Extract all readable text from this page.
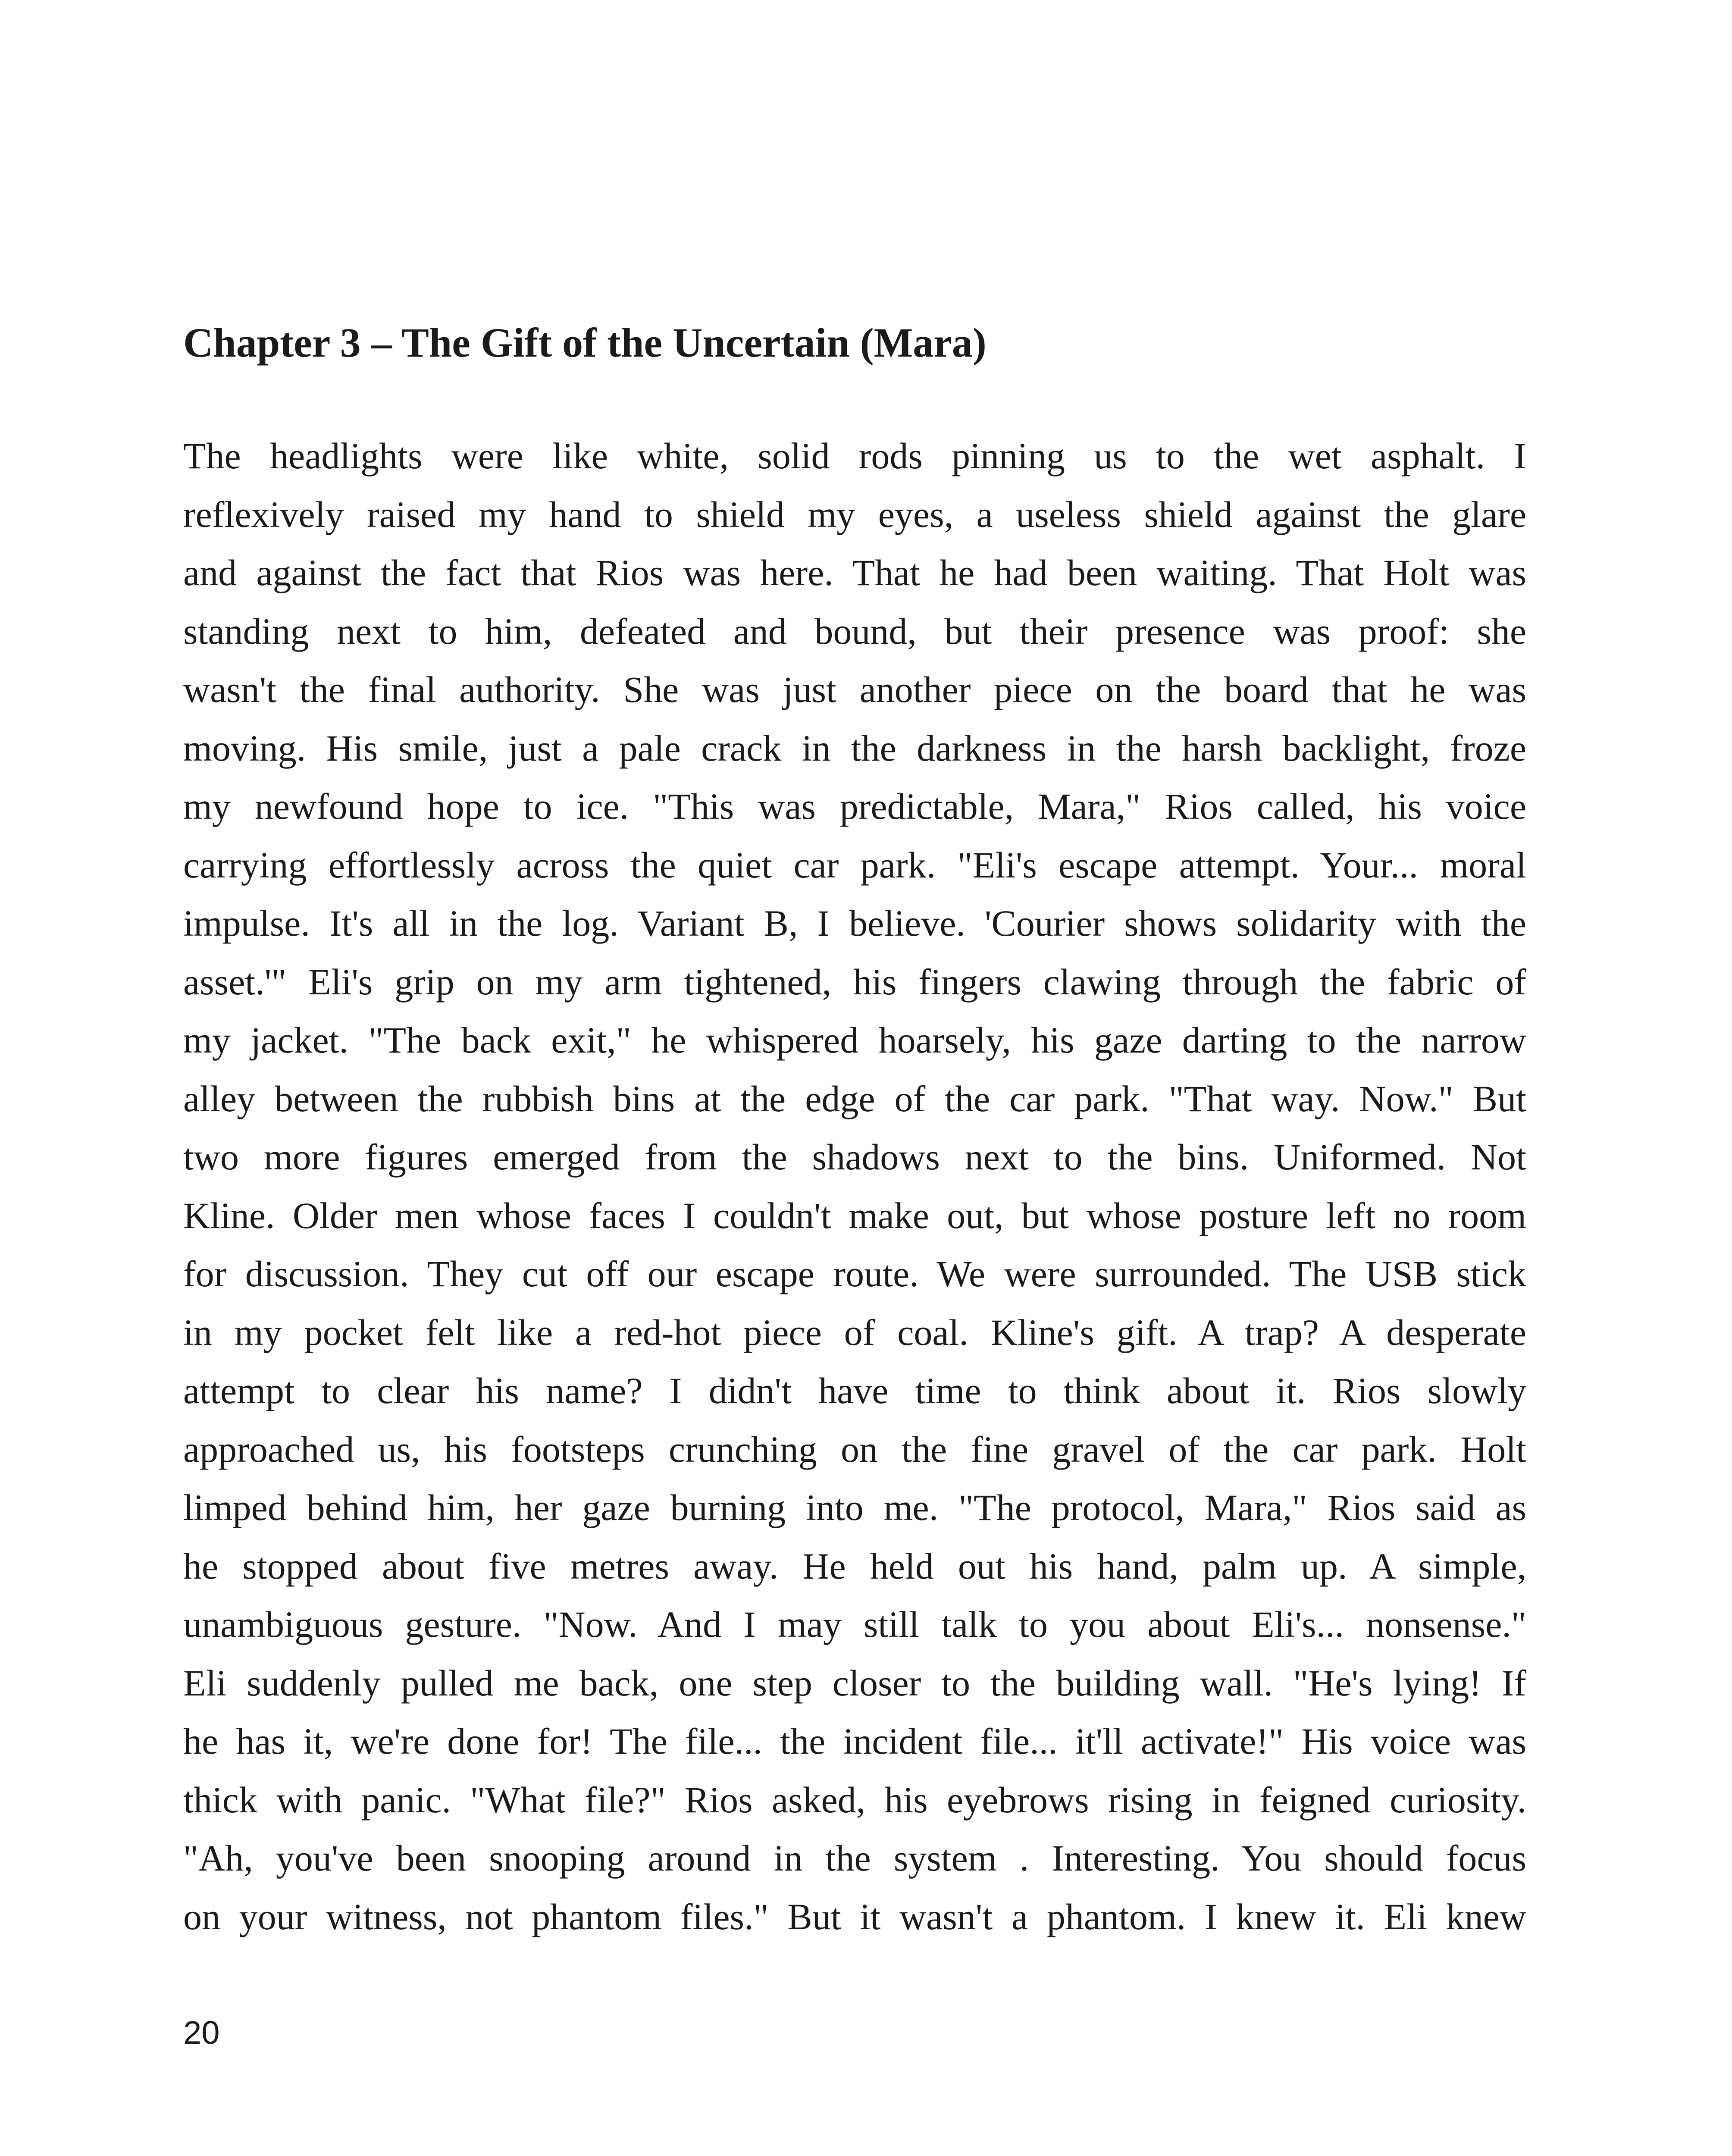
Chapter 3 – The Gift of the Uncertain (Mara)
The headlights were like white, solid rods pinning us to the wet asphalt. I
reflexively raised my hand to shield my eyes, a useless shield against the glare
and against the fact that Rios was here. That he had been waiting. That Holt was
standing next to him, defeated and bound, but their presence was proof: she
wasn't the final authority. She was just another piece on the board that he was
moving. His smile, just a pale crack in the darkness in the harsh backlight, froze
my newfound hope to ice. "This was predictable, Mara," Rios called, his voice
carrying effortlessly across the quiet car park. "Eli's escape attempt. Your... moral
impulse. It's all in the log. Variant B, I believe. 'Courier shows solidarity with the
asset.'" Eli's grip on my arm tightened, his fingers clawing through the fabric of
my jacket. "The back exit," he whispered hoarsely, his gaze darting to the narrow
alley between the rubbish bins at the edge of the car park. "That way. Now." But
two more figures emerged from the shadows next to the bins. Uniformed. Not
Kline. Older men whose faces I couldn't make out, but whose posture left no room
for discussion. They cut off our escape route. We were surrounded. The USB stick
in my pocket felt like a red-hot piece of coal. Kline's gift. A trap? A desperate
attempt to clear his name? I didn't have time to think about it. Rios slowly
approached us, his footsteps crunching on the fine gravel of the car park. Holt
limped behind him, her gaze burning into me. "The protocol, Mara," Rios said as
he stopped about five metres away. He held out his hand, palm up. A simple,
unambiguous gesture. "Now. And I may still talk to you about Eli's... nonsense."
Eli suddenly pulled me back, one step closer to the building wall. "He's lying! If
he has it, we're done for! The file... the incident file... it'll activate!" His voice was
thick with panic. "What file?" Rios asked, his eyebrows rising in feigned curiosity.
"Ah, you've been snooping around in the system . Interesting. You should focus
on your witness, not phantom files." But it wasn't a phantom. I knew it. Eli knew
20
